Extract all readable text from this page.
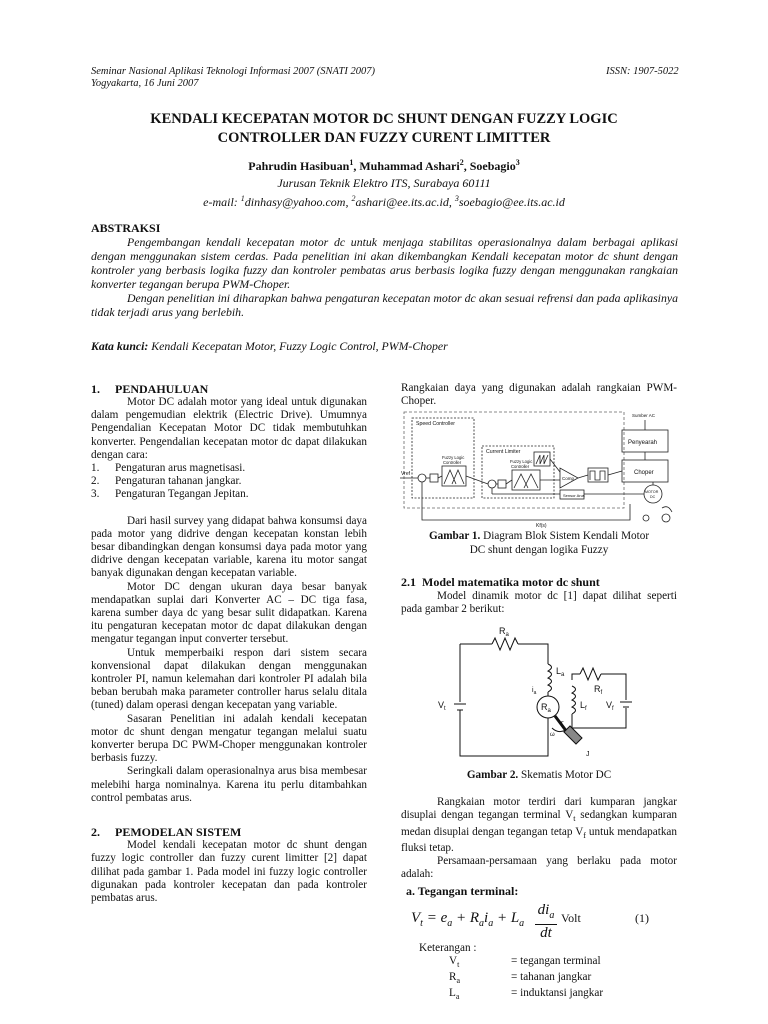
Seminar Nasional Aplikasi Teknologi Informasi 2007 (SNATI 2007)
Yogyakarta, 16 Juni 2007
ISSN: 1907-5022
KENDALI KECEPATAN MOTOR DC SHUNT DENGAN FUZZY LOGIC
CONTROLLER DAN FUZZY CURENT LIMITTER
Pahrudin Hasibuan$^1$, Muhammad Ashari$^2$, Soebagio$^3$
Jurusan Teknik Elektro ITS, Surabaya 60111
e-mail: $^1$dinhasy@yahoo.com, $^2$ashari@ee.its.ac.id, $^3$soebagio@ee.its.ac.id
ABSTRAKSI

Pengembangan kendali kecepatan motor dc untuk menjaga stabilitas operasionalnya dalam berbagai aplikasi dengan menggunakan sistem cerdas. Pada penelitian ini akan dikembangkan Kendali kecepatan motor dc shunt dengan kontroler yang berbasis logika fuzzy dan kontroler pembatas arus berbasis logika fuzzy dengan menggunakan rangkaian konverter tegangan berupa PWM-Choper.

Dengan penelitian ini diharapkan bahwa pengaturan kecepatan motor dc akan sesuai refrensi dan pada aplikasinya tidak terjadi arus yang berlebih.

Kata kunci: Kendali Kecepatan Motor, Fuzzy Logic Control, PWM-Choper
1. PENDAHULUAN

Motor DC adalah motor yang ideal untuk digunakan dalam pengemudian elektrik (Electric Drive). Umumnya Pengendalian Kecepatan Motor DC tidak membutuhkan konverter. Pengendalian kecepatan motor dc dapat dilakukan dengan cara:

1.	Pengaturan arus magnetisasi.
2.	Pengaturan tahanan jangkar.
3.	Pengaturan Tegangan Jepitan.

Dari hasil survey yang didapat bahwa konsumsi daya pada motor yang didrive dengan kecepatan konstan lebih besar dibandingkan dengan konsumsi daya pada motor yang didrive dengan kecepatan variable, karena itu motor sangat banyak digunakan dengan kecepatan variable.

Motor DC dengan ukuran daya besar banyak mendapatkan suplai dari Konverter AC – DC tiga fasa, karena sumber daya dc yang besar sulit didapatkan. Karena itu pengaturan kecepatan motor dc dapat dilakukan dengan mengatur tegangan input converter tersebut.

Untuk memperbaiki respon dari sistem secara konvensional dapat dilakukan dengan menggunakan kontroler PI, namun kelemahan dari kontroler PI adalah bila beban berubah maka parameter controller harus selalu ditala (tuned) dalam operasi dengan kecepatan yang variable.

Sasaran Penelitian ini adalah kendali kecepatan motor dc shunt dengan mengatur tegangan melalui suatu konverter berupa DC PWM-Choper menggunakan kontroler berbasis fuzzy.

Seringkali dalam operasionalnya arus bisa membesar melebihi harga nominalnya. Karena itu perlu ditambahkan control pembatas arus.

2. PEMODELAN SISTEM

Model kendali kecepatan motor dc shunt dengan fuzzy logic controller dan fuzzy curent limitter [2] dapat dilihat pada gambar 1. Pada model ini fuzzy logic controller digunakan pada kontroler kecepatan dan pada kontroler pembatas arus.

Rangkaian daya yang digunakan adalah rangkaian PWM-Choper.
Speed Controller
Current Limiter
Fuzzy Logic
Controller	Fuzzy Logic
Controller
Sumber AC
Penyearah
Choper
Comp
Sensor Arus
MOTOR
DC
Vref
Kf(s)
Gambar 1. Diagram Blok Sistem Kendali Motor
DC shunt dengan logika Fuzzy
2.1 Model matematika motor dc shunt

Model dinamik motor dc [1] dapat dilihat seperti pada gambar 2 berikut:

$R_a$
$L_a$
$R_f$
$L_f$
$V_t$	$V_f$
$R_a$
$i_a$
ω
T
J
Gambar 2. Skematis Motor DC

Rangkaian motor terdiri dari kumparan jangkar disuplai dengan tegangan terminal $V_t$ sedangkan kumparan medan disuplai dengan tegangan tetap $V_f$ untuk mendapatkan fluksi tetap.

Persamaan-persamaan yang berlaku pada motor adalah:

a. Tegangan terminal:
$V_t = e_a + R_ai_a + L_a$
$di_a$
dt
Volt	(1)
Keterangan :
$V_t$	= tegangan terminal
$R_a$	= tahanan jangkar
$L_a$	= induktansi jangkar
